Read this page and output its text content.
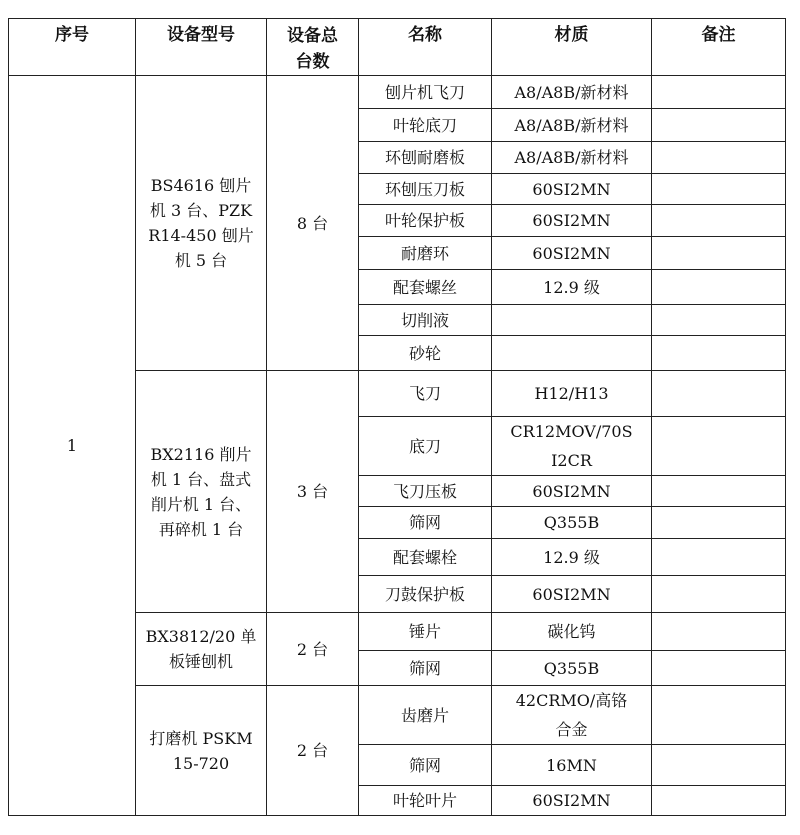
序号	设备型号	设备总台数	名称	材质	备注
1	BS4616 刨片机 3 台、PZKR14-450 刨片机 5 台	8 台	刨片机飞刀	A8/A8B/新材料	

			叶轮底刀	A8/A8B/新材料	

			环刨耐磨板	A8/A8B/新材料	

			环刨压刀板	60SI2MN	

			叶轮保护板	60SI2MN	

			耐磨环	60SI2MN	

			配套螺丝	12.9 级	

			切削液	

			砂轮	

	BX2116 削片机 1 台、盘式削片机 1 台、再碎机 1 台	3 台	飞刀	H12/H13	

			底刀	CR12MOV/70SI2CR	

			飞刀压板	60SI2MN	

			筛网	Q355B	

			配套螺栓	12.9 级	

			刀鼓保护板	60SI2MN	

	BX3812/20 单板锤刨机	2 台	锤片	碳化钨	

			筛网	Q355B	

	打磨机 PSKM 15-720	2 台	齿磨片	42CRMO/高铬合金	

			筛网	16MN	

			叶轮叶片	60SI2MN	
